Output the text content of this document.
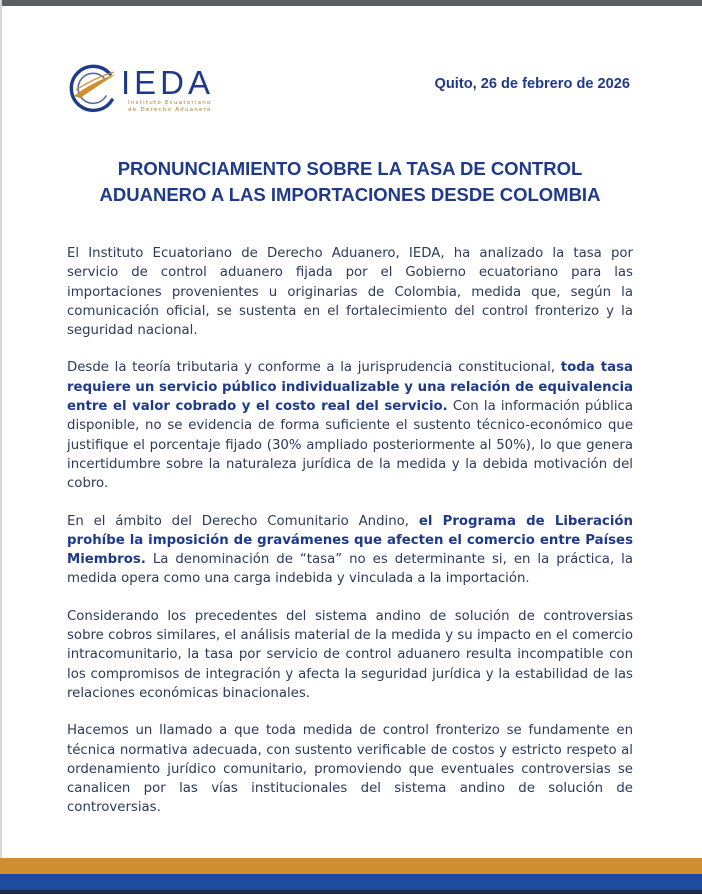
IEDA
Instituto Ecuatoriano de Derecho Aduanero
Quito, 26 de febrero de 2026
PRONUNCIAMIENTO SOBRE LA TASA DE CONTROL
ADUANERO A LAS IMPORTACIONES DESDE COLOMBIA

El Instituto Ecuatoriano de Derecho Aduanero, IEDA, ha analizado la tasa por servicio de control aduanero fijada por el Gobierno ecuatoriano para las importaciones provenientes u originarias de Colombia, medida que, según la comunicación oficial, se sustenta en el fortalecimiento del control fronterizo y la seguridad nacional.

Desde la teoría tributaria y conforme a la jurisprudencia constitucional, toda tasa requiere un servicio público individualizable y una relación de equivalencia entre el valor cobrado y el costo real del servicio. Con la información pública disponible, no se evidencia de forma suficiente el sustento técnico-económico que justifique el porcentaje fijado (30% ampliado posteriormente al 50%), lo que genera incertidumbre sobre la naturaleza jurídica de la medida y la debida motivación del cobro.

En el ámbito del Derecho Comunitario Andino, el Programa de Liberación prohíbe la imposición de gravámenes que afecten el comercio entre Países Miembros. La denominación de “tasa” no es determinante si, en la práctica, la medida opera como una carga indebida y vinculada a la importación.

Considerando los precedentes del sistema andino de solución de controversias sobre cobros similares, el análisis material de la medida y su impacto en el comercio intracomunitario, la tasa por servicio de control aduanero resulta incompatible con los compromisos de integración y afecta la seguridad jurídica y la estabilidad de las relaciones económicas binacionales.

Hacemos un llamado a que toda medida de control fronterizo se fundamente en técnica normativa adecuada, con sustento verificable de costos y estricto respeto al ordenamiento jurídico comunitario, promoviendo que eventuales controversias se canalicen por las vías institucionales del sistema andino de solución de controversias.
